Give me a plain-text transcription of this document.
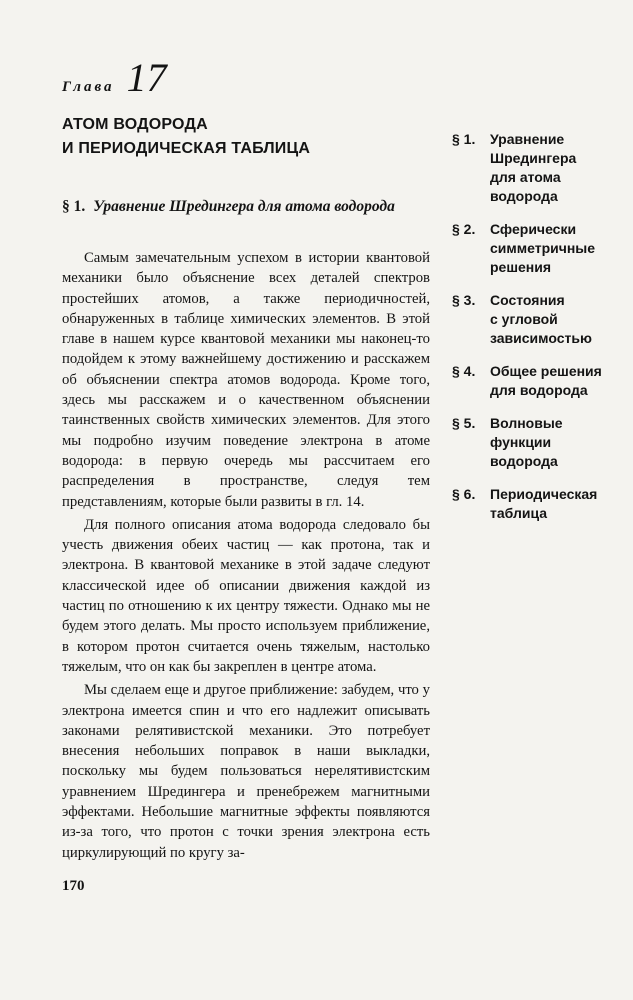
Глава 17
АТОМ ВОДОРОДА
И ПЕРИОДИЧЕСКАЯ ТАБЛИЦА
§ 1. Уравнение Шредингера для атома водорода

Самым замечательным успехом в истории квантовой механики было объяснение всех деталей спектров простейших атомов, а также периодичностей, обнаруженных в таблице химических элементов. В этой главе в нашем курсе квантовой механики мы наконец-то подойдем к этому важнейшему достижению и расскажем об объяснении спектра атомов водорода. Кроме того, здесь мы расскажем и о качественном объяснении таинственных свойств химических элементов. Для этого мы подробно изучим поведение электрона в атоме водорода: в первую очередь мы рассчитаем его распределения в пространстве, следуя тем представлениям, которые были развиты в гл. 14.

Для полного описания атома водорода следовало бы учесть движения обеих частиц — как протона, так и электрона. В квантовой механике в этой задаче следуют классической идее об описании движения каждой из частиц по отношению к их центру тяжести. Однако мы не будем этого делать. Мы просто используем приближение, в котором протон считается очень тяжелым, настолько тяжелым, что он как бы закреплен в центре атома.

Мы сделаем еще и другое приближение: забудем, что у электрона имеется спин и что его надлежит описывать законами релятивистской механики. Это потребует внесения небольших поправок в наши выкладки, поскольку мы будем пользоваться нерелятивистским уравнением Шредингера и пренебрежем магнитными эффектами. Небольшие магнитные эффекты появляются из-за того, что протон с точки зрения электрона есть циркулирующий по кругу за-

170
§ 1.	Уравнение
Шредингера
для атома
водорода
§ 2.	Сферически
симметричные
решения
§ 3.	Состояния
с угловой
зависимостью
§ 4.	Общее решения
для водорода
§ 5.	Волновые
функции
водорода
§ 6.	Периодическая
таблица
